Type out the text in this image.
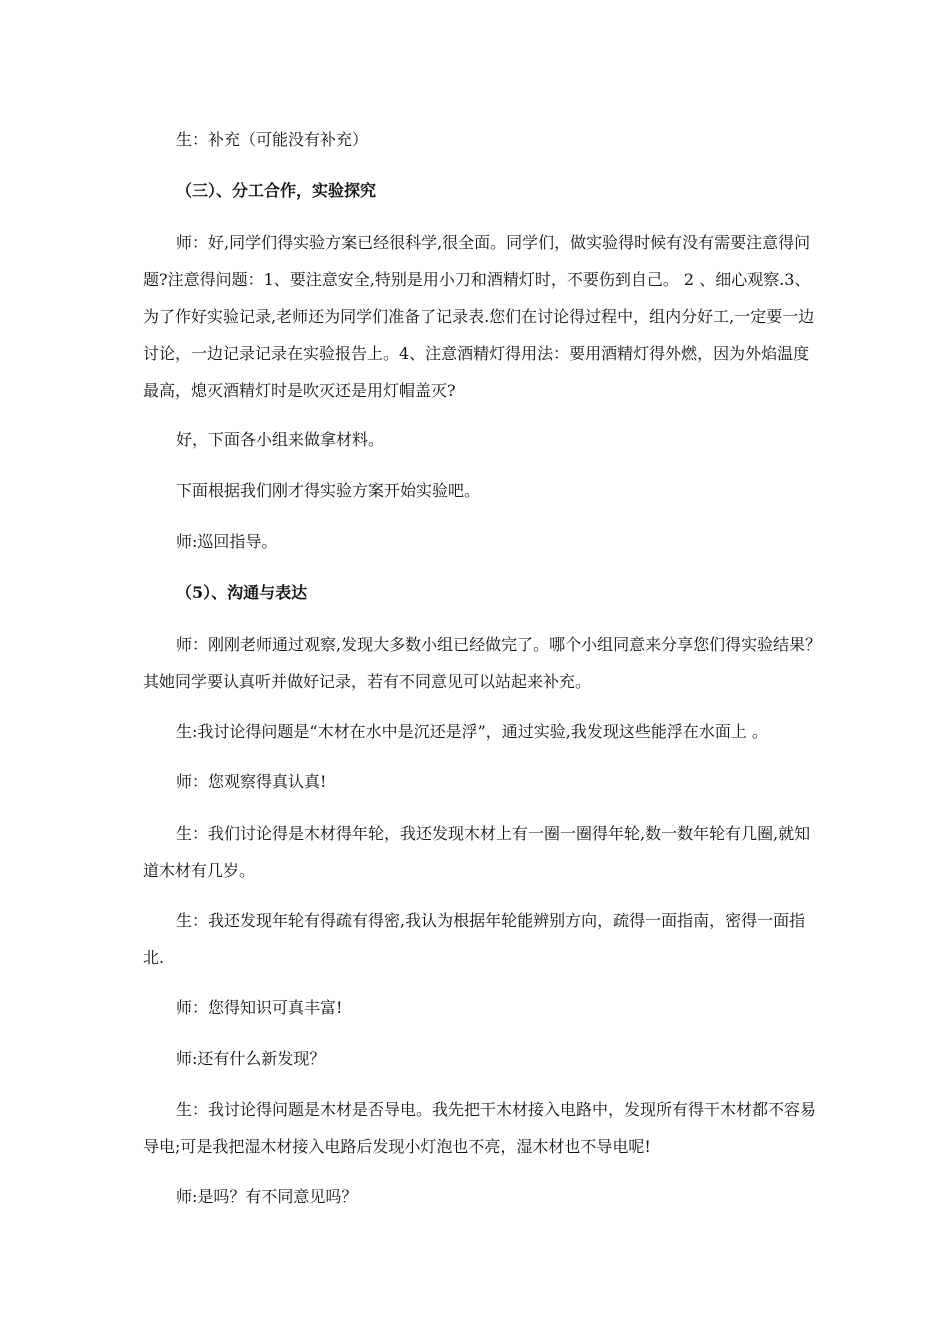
生：补充（可能没有补充）

（三）、分工合作，实验探究

师：好,同学们得实验方案已经很科学,很全面。同学们，做实验得时候有没有需要注意得问题?注意得问题：1、要注意安全,特别是用小刀和酒精灯时，不要伤到自己。 2 、细心观察.3、为了作好实验记录,老师还为同学们准备了记录表.您们在讨论得过程中，组内分好工,一定要一边讨论，一边记录记录在实验报告上。4、注意酒精灯得用法：要用酒精灯得外燃，因为外焰温度最高，熄灭酒精灯时是吹灭还是用灯帽盖灭?

好，下面各小组来做拿材料。

下面根据我们刚才得实验方案开始实验吧。

师:巡回指导。

（5）、沟通与表达

师：刚刚老师通过观察,发现大多数小组已经做完了。哪个小组同意来分享您们得实验结果？其她同学要认真听并做好记录，若有不同意见可以站起来补充。

生:我讨论得问题是“木材在水中是沉还是浮”，通过实验,我发现这些能浮在水面上 。

师：您观察得真认真!

生：我们讨论得是木材得年轮，我还发现木材上有一圈一圈得年轮,数一数年轮有几圈,就知道木材有几岁。

生：我还发现年轮有得疏有得密,我认为根据年轮能辨别方向，疏得一面指南，密得一面指北.

师：您得知识可真丰富!

师:还有什么新发现？

生：我讨论得问题是木材是否导电。我先把干木材接入电路中，发现所有得干木材都不容易导电;可是我把湿木材接入电路后发现小灯泡也不亮，湿木材也不导电呢!

师:是吗？有不同意见吗？
